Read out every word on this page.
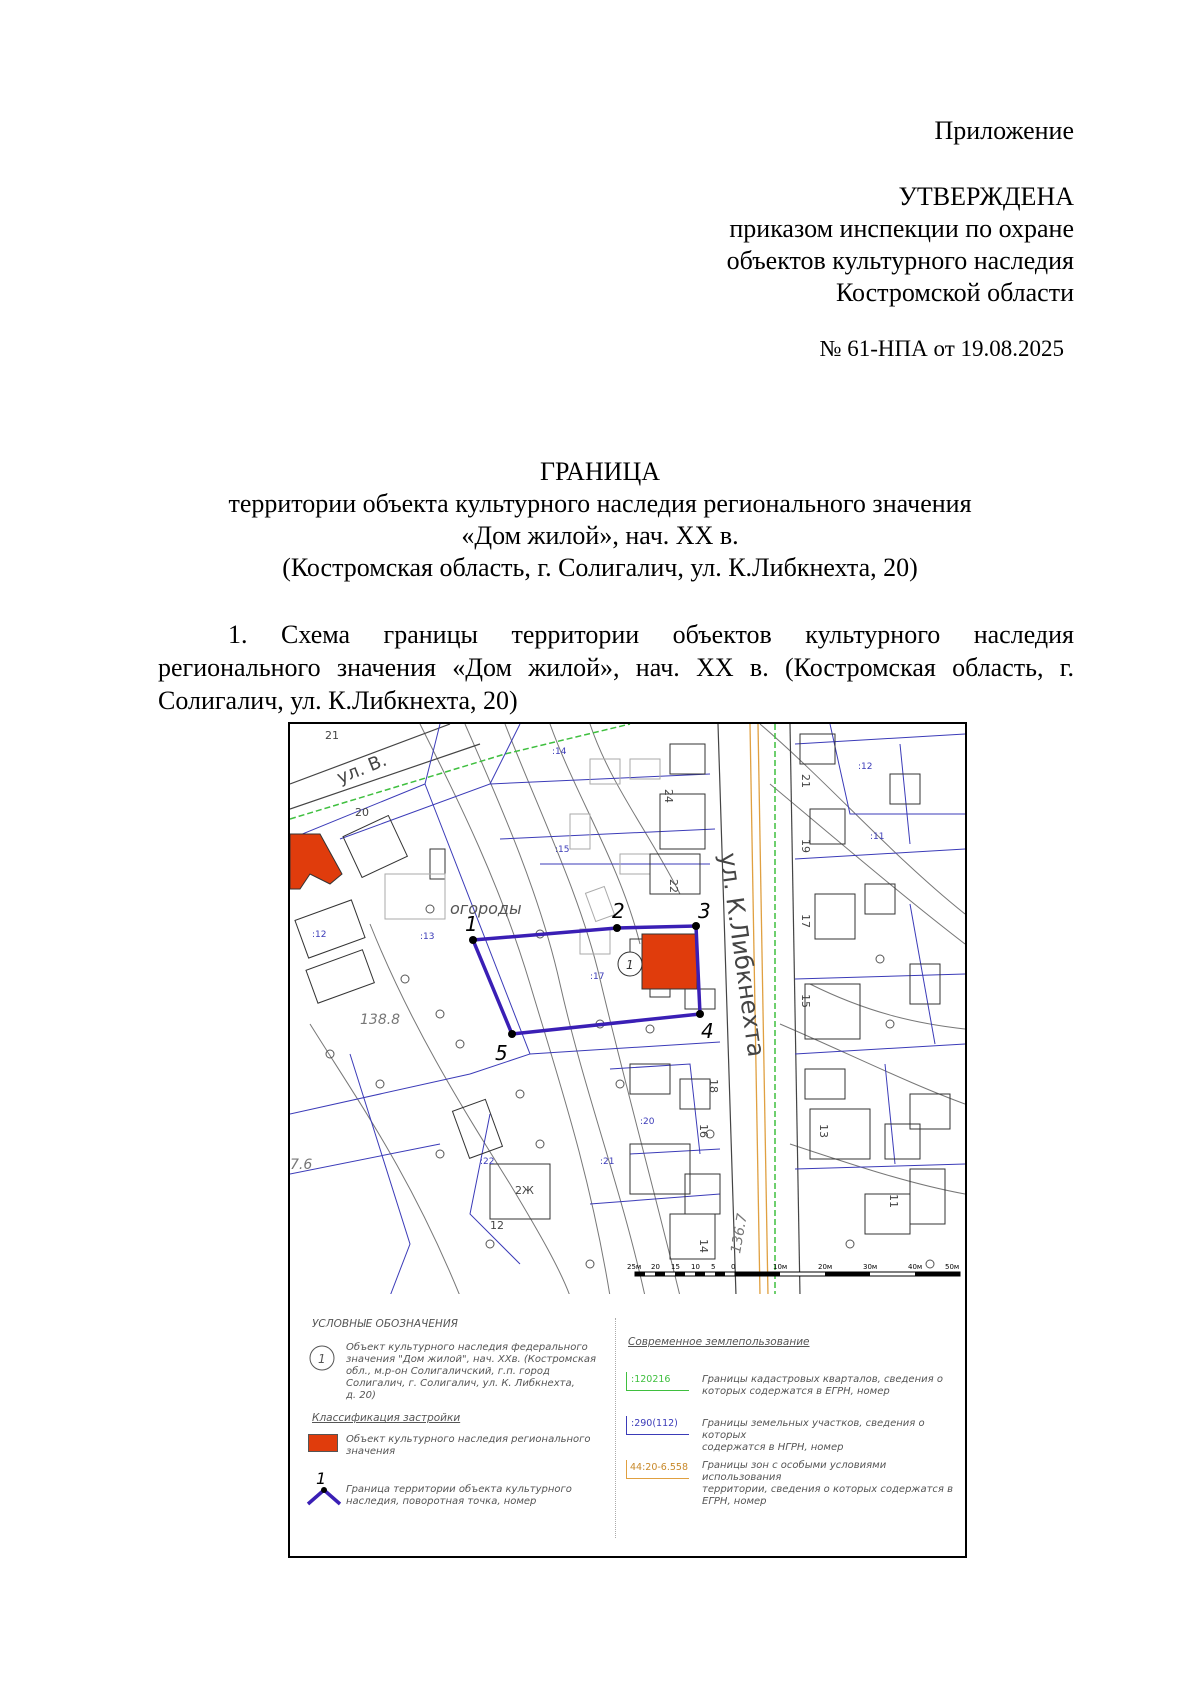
Приложение
УТВЕРЖДЕНА
приказом инспекции по охране
объектов культурного наследия
Костромской области
№ 61-НПА от 19.08.2025
ГРАНИЦА
территории объекта культурного наследия регионального значения
«Дом жилой», нач. XX в.
(Костромская область, г. Солигалич, ул. К.Либкнехта, 20)
1. Схема границы территории объектов культурного наследия
регионального значения «Дом жилой», нач. XX в. (Костромская область, г.
Солигалич, ул. К.Либкнехта, 20)
1
2	3
4
5
1
огороды	ул. К.Либкнехта
ул. В.
21
20
24
22
21
19
17
15
18
16
14
13
11
2Ж
12
:14
:15
:13
:12
:17
:20
:21
:22
:11
:12
138.8
7.6
136.7
25м 20 15 10 5 0	10м	20м	30м	40м	50м
УСЛОВНЫЕ ОБОЗНАЧЕНИЯ
1
Объект культурного наследия федерального
значения "Дом жилой", нач. XXв. (Костромская
обл., м.р-он Солигаличский, г.п. город
Солигалич, г. Солигалич, ул. К. Либкнехта,
д. 20)
Классификация застройки
Объект культурного наследия регионального
значения
1
Граница территории объекта культурного
наследия, поворотная точка, номер
Современное землепользование
:120216	Границы кадастровых кварталов, сведения о
которых содержатся в ЕГРН, номер
:290(112) Границы земельных участков, сведения о которых
содержатся в НГРН, номер
44:20-6.558 Границы зон с особыми условиями использования
территории, сведения о которых содержатся в
ЕГРН, номер
